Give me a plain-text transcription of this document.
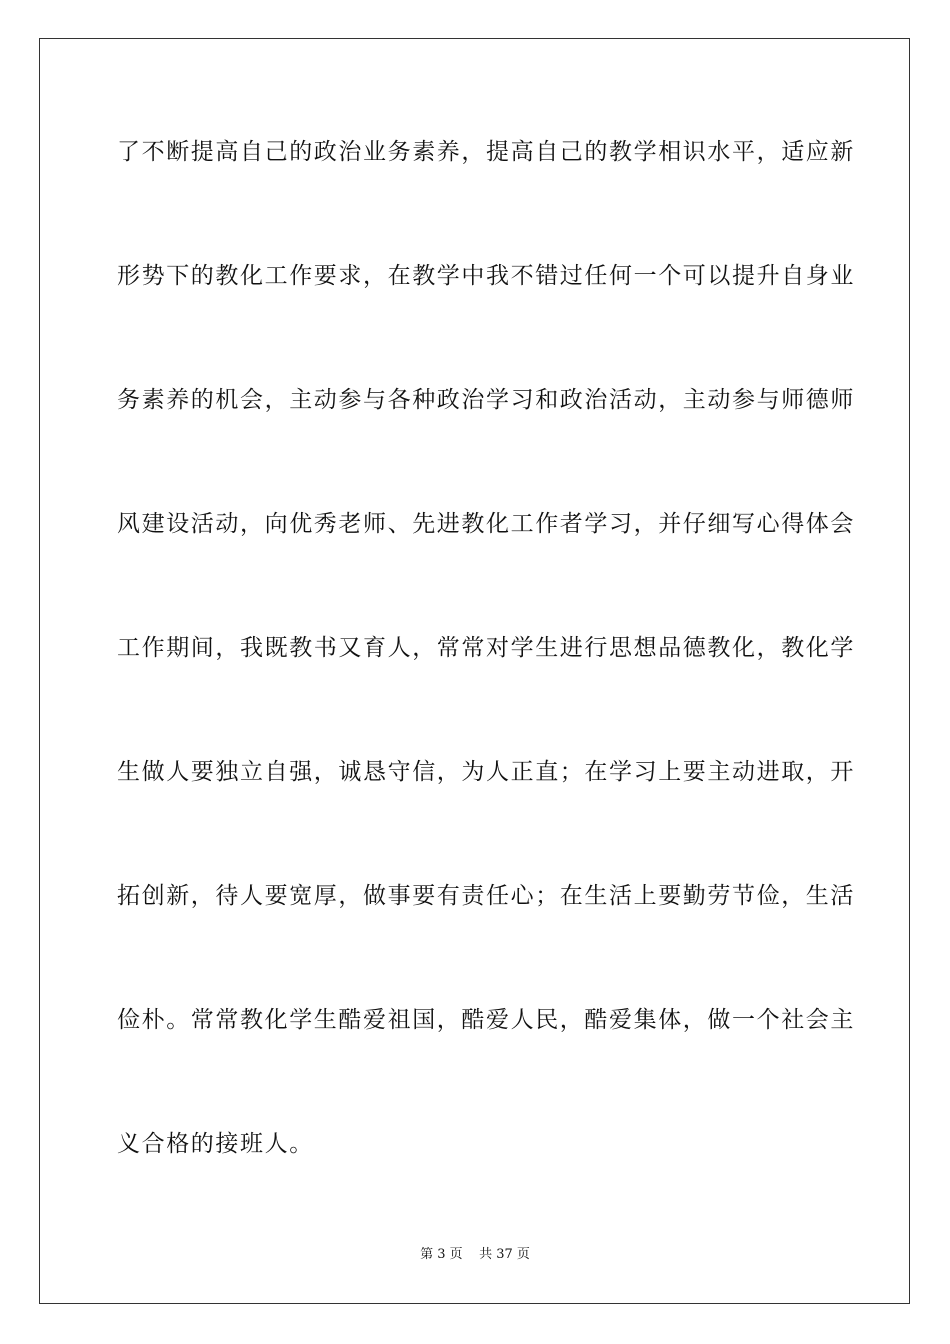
了不断提高自己的政治业务素养，提高自己的教学相识水平，适应新
形势下的教化工作要求，在教学中我不错过任何一个可以提升自身业
务素养的机会，主动参与各种政治学习和政治活动，主动参与师德师
风建设活动，向优秀老师、先进教化工作者学习，并仔细写心得体会
工作期间，我既教书又育人，常常对学生进行思想品德教化，教化学
生做人要独立自强，诚恳守信，为人正直；在学习上要主动进取，开
拓创新，待人要宽厚，做事要有责任心；在生活上要勤劳节俭，生活
俭朴。常常教化学生酷爱祖国，酷爱人民，酷爱集体，做一个社会主
义合格的接班人。
第 3 页    共 37 页
